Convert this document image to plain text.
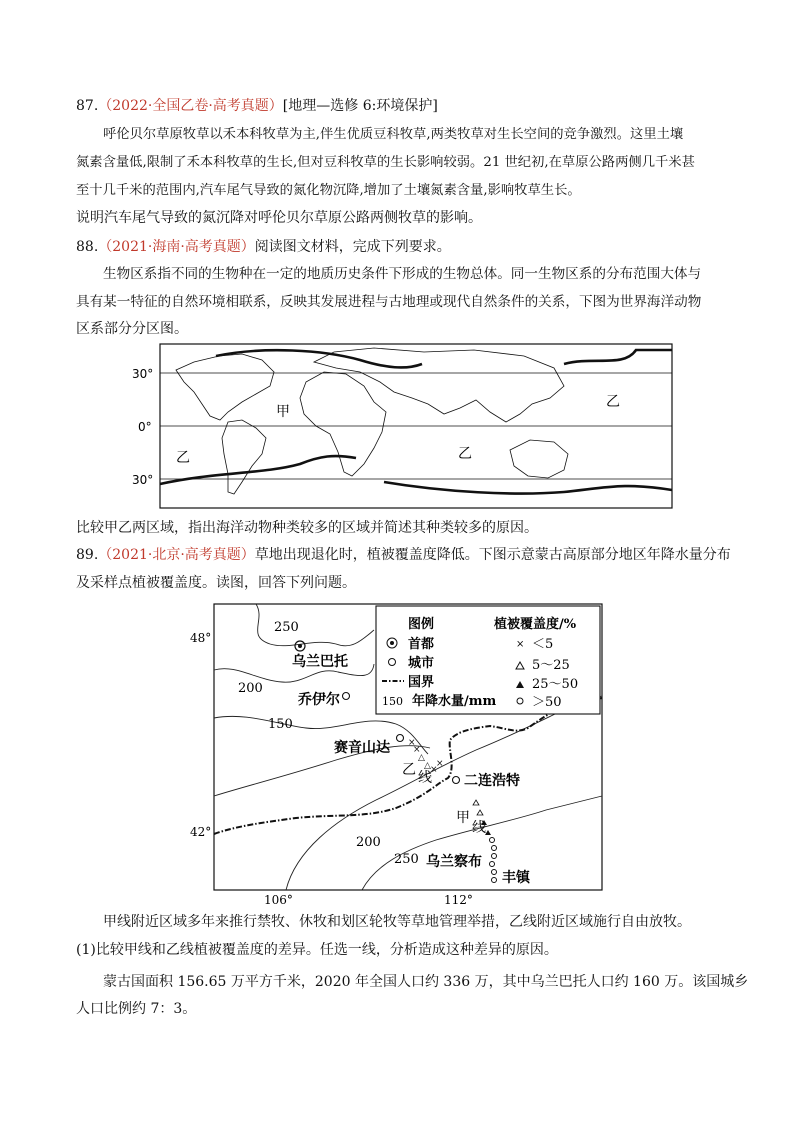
87.（2022·全国乙卷·高考真题）[地理—选修 6:环境保护]
呼伦贝尔草原牧草以禾本科牧草为主,伴生优质豆科牧草,两类牧草对生长空间的竞争激烈。这里土壤
氮素含量低,限制了禾本科牧草的生长,但对豆科牧草的生长影响较弱。21 世纪初,在草原公路两侧几千米甚
至十几千米的范围内,汽车尾气导致的氮化物沉降,增加了土壤氮素含量,影响牧草生长。
说明汽车尾气导致的氮沉降对呼伦贝尔草原公路两侧牧草的影响。
88.（2021·海南·高考真题）阅读图文材料，完成下列要求。
生物区系指不同的生物种在一定的地质历史条件下形成的生物总体。同一生物区系的分布范围大体与
具有某一特征的自然环境相联系，反映其发展进程与古地理或现代自然条件的关系，下图为世界海洋动物
区系部分分区图。
30°
0°
30°
甲
乙	乙
乙
比较甲乙两区域，指出海洋动物种类较多的区域并简述其种类较多的原因。
89.（2021·北京·高考真题）草地出现退化时，植被覆盖度降低。下图示意蒙古高原部分地区年降水量分布
及采样点植被覆盖度。读图，回答下列问题。
48°
42°
106°	112°
250
200
150
200
250
乌兰巴托
乔伊尔
赛音山达
二连浩特
乌兰察布
丰镇
×
×
×
×
△
△
乙 线
甲
线
图例	植被覆盖度/%
首都
城市
国界
150 年降水量/mm
× ＜5
5～25
25～50
＞50
甲线附近区域多年来推行禁牧、休牧和划区轮牧等草地管理举措，乙线附近区域施行自由放牧。
(1)比较甲线和乙线植被覆盖度的差异。任选一线，分析造成这种差异的原因。
蒙古国面积 156.65 万平方千米，2020 年全国人口约 336 万，其中乌兰巴托人口约 160 万。该国城乡
人口比例约 7：3。
